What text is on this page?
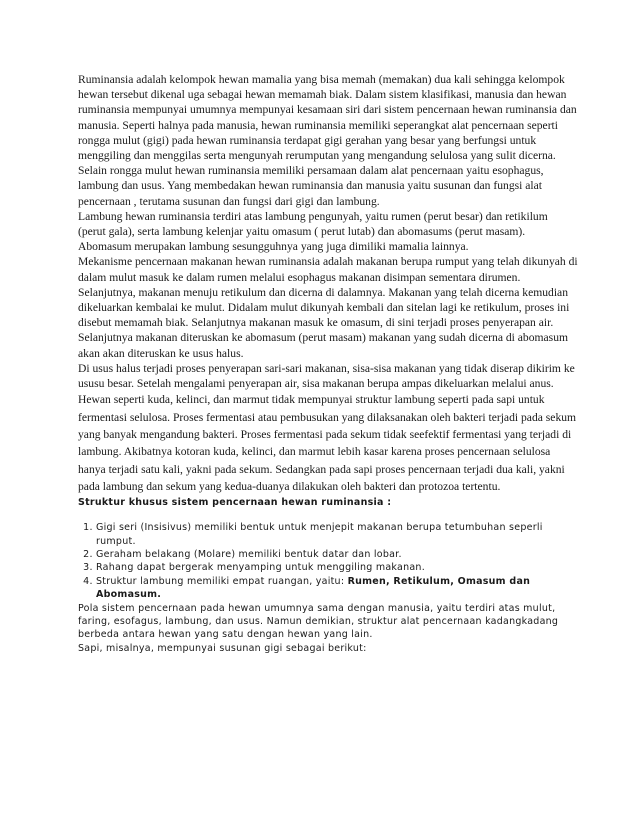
Ruminansia adalah kelompok hewan mamalia yang bisa memah (memakan) dua kali sehingga kelompok hewan tersebut dikenal uga sebagai hewan memamah biak. Dalam sistem klasifikasi, manusia dan hewan ruminansia mempunyai umumnya mempunyai kesamaan siri dari sistem pencernaan hewan ruminansia dan manusia. Seperti halnya pada manusia, hewan ruminansia memiliki seperangkat alat pencernaan seperti rongga mulut (gigi) pada hewan ruminansia terdapat gigi gerahan yang besar yang berfungsi untuk menggiling dan menggilas serta mengunyah rerumputan yang mengandung selulosa yang sulit dicerna. Selain rongga mulut hewan ruminansia memiliki persamaan dalam alat pencernaan yaitu esophagus, lambung dan usus. Yang membedakan hewan ruminansia dan manusia yaitu susunan dan fungsi alat pencernaan , terutama susunan dan fungsi dari gigi dan lambung.

Lambung hewan ruminansia terdiri atas lambung pengunyah, yaitu rumen (perut besar) dan retikilum (perut gala), serta lambung kelenjar yaitu omasum ( perut lutab) dan abomasums (perut masam). Abomasum merupakan lambung sesungguhnya yang juga dimiliki mamalia lainnya.

Mekanisme pencernaan makanan hewan ruminansia adalah makanan berupa rumput yang telah dikunyah di dalam mulut masuk ke dalam rumen melalui esophagus makanan disimpan sementara dirumen. Selanjutnya, makanan menuju retikulum dan dicerna di dalamnya. Makanan yang telah dicerna kemudian dikeluarkan kembalai ke mulut. Didalam mulut dikunyah kembali dan sitelan lagi ke retikulum, proses ini disebut memamah biak. Selanjutnya makanan masuk ke omasum, di sini terjadi proses penyerapan air. Selanjutnya makanan diteruskan ke abomasum (perut masam) makanan yang sudah dicerna di abomasum akan akan diteruskan ke usus halus.

Di usus halus terjadi proses penyerapan sari-sari makanan, sisa-sisa makanan yang tidak diserap dikirim ke ususu besar. Setelah mengalami penyerapan air, sisa makanan berupa ampas dikeluarkan melalui anus.

Hewan seperti kuda, kelinci, dan marmut tidak mempunyai struktur lambung seperti pada sapi untuk fermentasi selulosa. Proses fermentasi atau pembusukan yang dilaksanakan oleh bakteri terjadi pada sekum yang banyak mengandung bakteri. Proses fermentasi pada sekum tidak seefektif fermentasi yang terjadi di lambung. Akibatnya kotoran kuda, kelinci, dan marmut lebih kasar karena proses pencernaan selulosa hanya terjadi satu kali, yakni pada sekum. Sedangkan pada sapi proses pencernaan terjadi dua kali, yakni pada lambung dan sekum yang kedua-duanya dilakukan oleh bakteri dan protozoa tertentu.

Struktur khusus sistem pencernaan hewan ruminansia :

1. Gigi seri (Insisivus) memiliki bentuk untuk menjepit makanan berupa tetumbuhan seperli rumput.
2. Geraham belakang (Molare) memiliki bentuk datar dan lobar.
3. Rahang dapat bergerak menyamping untuk menggiling makanan.
4. Struktur lambung memiliki empat ruangan, yaitu: Rumen, Retikulum, Omasum dan Abomasum.

Pola sistem pencernaan pada hewan umumnya sama dengan manusia, yaitu terdiri atas mulut, faring, esofagus, lambung, dan usus. Namun demikian, struktur alat pencernaan kadangkadang berbeda antara hewan yang satu dengan hewan yang lain.

Sapi, misalnya, mempunyai susunan gigi sebagai berikut:
